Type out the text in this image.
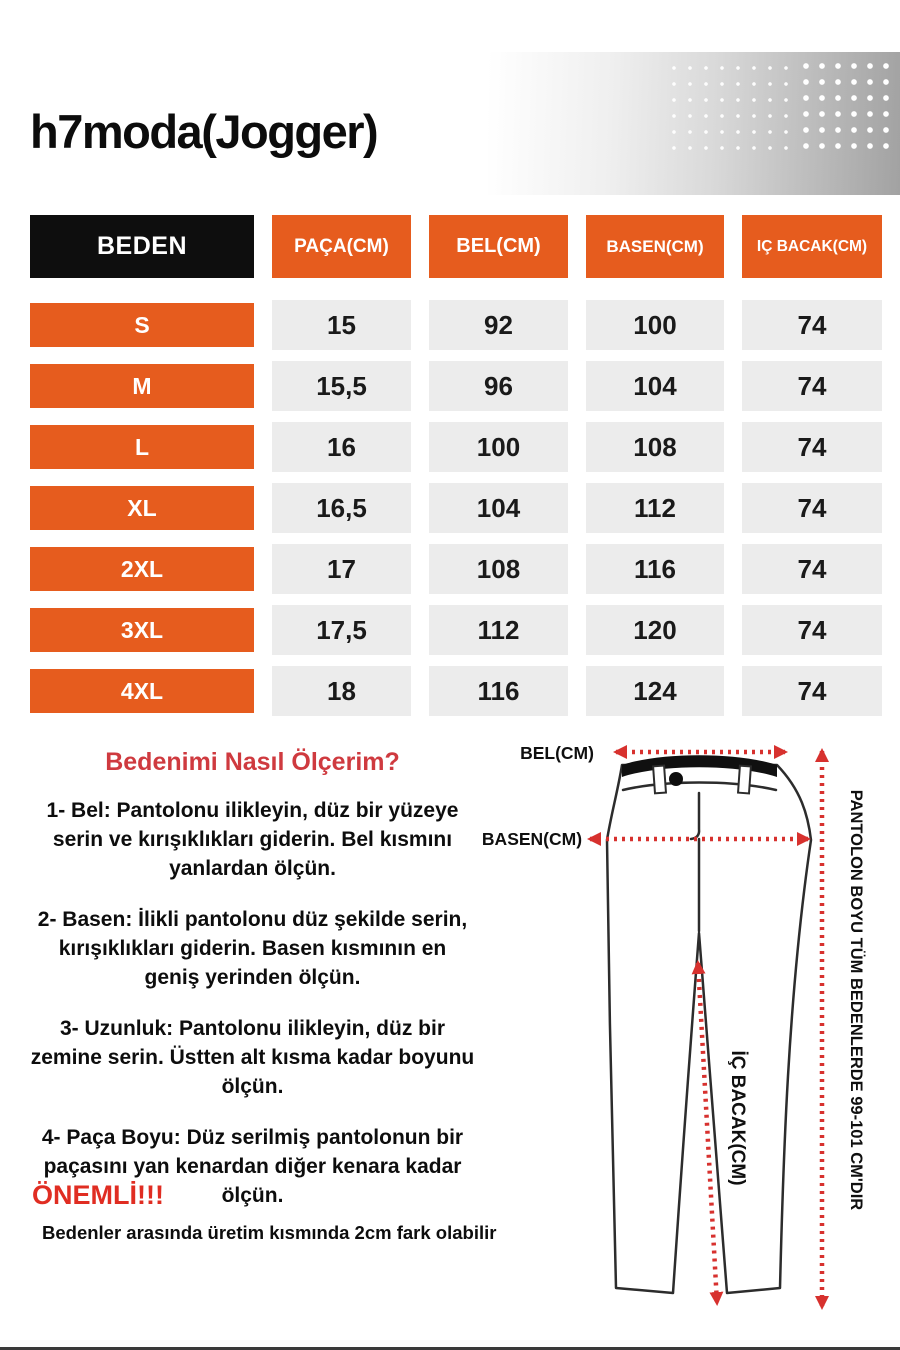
h7moda(Jogger)
BEDEN	PAÇA(CM)	BEL(CM)	BASEN(CM)	IÇ BACAK(CM)
S	15	92	100	74
M	15,5	96	104	74
L	16	100	108	74
XL	16,5	104	112	74
2XL	17	108	116	74
3XL	17,5	112	120	74
4XL	18	116	124	74
Bedenimi Nasıl Ölçerim?

1- Bel: Pantolonu ilikleyin, düz bir yüzeye serin ve kırışıklıkları giderin. Bel kısmını yanlardan ölçün.

2- Basen: İlikli pantolonu düz şekilde serin, kırışıklıkları giderin. Basen kısmının en geniş yerinden ölçün.

3- Uzunluk: Pantolonu ilikleyin, düz bir zemine serin. Üstten alt kısma kadar boyunu ölçün.

4- Paça Boyu: Düz serilmiş pantolonun bir paçasını yan kenardan diğer kenara kadar ölçün.

ÖNEMLİ!!!
Bedenler arasında üretim kısmında 2cm fark olabilir
BEL(CM)
BASEN(CM)
İÇ BACAK(CM)	PANTOLON BOYU TÜM BEDENLERDE 99-101 CM'DIR
